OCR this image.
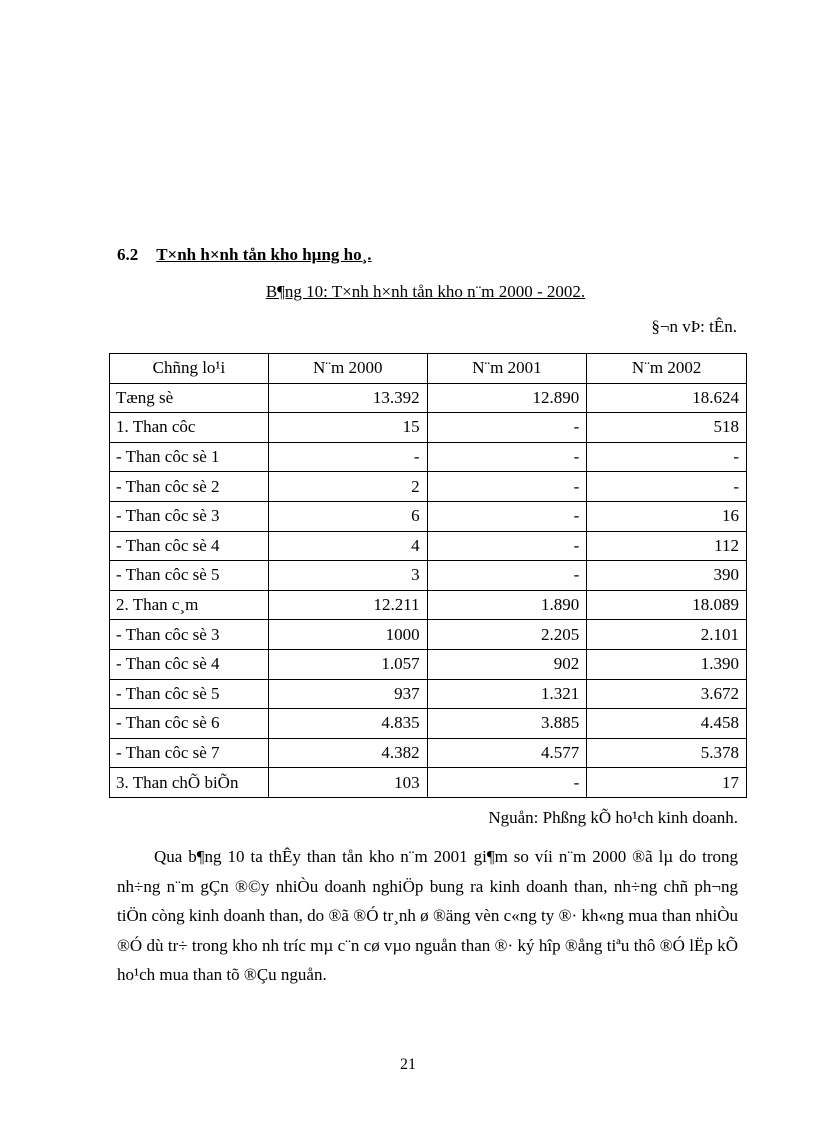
6.2 T×nh h×nh tån kho hµng ho¸.
B¶ng 10: T×nh h×nh tån kho n¨m 2000 - 2002.
§¬n vÞ: tÊn.
Chñng lo¹i	N¨m 2000	N¨m 2001	N¨m 2002
Tæng sè	13.392	12.890	18.624
1. Than côc	15	-	518
- Than côc sè 1	-	-	-
- Than côc sè 2	2	-	-
- Than côc sè 3	6	-	16
- Than côc sè 4	4	-	112
- Than côc sè 5	3	-	390
2. Than c¸m	12.211	1.890	18.089
- Than côc sè 3	1000	2.205	2.101
- Than côc sè 4	1.057	902	1.390
- Than côc sè 5	937	1.321	3.672
- Than côc sè 6	4.835	3.885	4.458
- Than côc sè 7	4.382	4.577	5.378
3. Than chÕ biÕn	103	-	17
Nguån: Phßng kÕ ho¹ch kinh doanh.

Qua b¶ng 10 ta thÊy than tån kho n¨m 2001 gi¶m so víi n¨m 2000 ®ã lµ do trong nh÷ng n¨m gÇn ®©y nhiÒu doanh nghiÖp bung ra kinh doanh than, nh÷ng chñ ph¬ng tiÖn còng kinh doanh than, do ®ã ®Ó tr¸nh ø ®äng vèn c«ng ty ®· kh«ng mua than nhiÒu ®Ó dù tr÷ trong kho nh tríc mµ c¨n cø vµo nguån than ®· ký hîp ®ång tiªu thô ®Ó lËp kÕ ho¹ch mua than tõ ®Çu nguån.

21
